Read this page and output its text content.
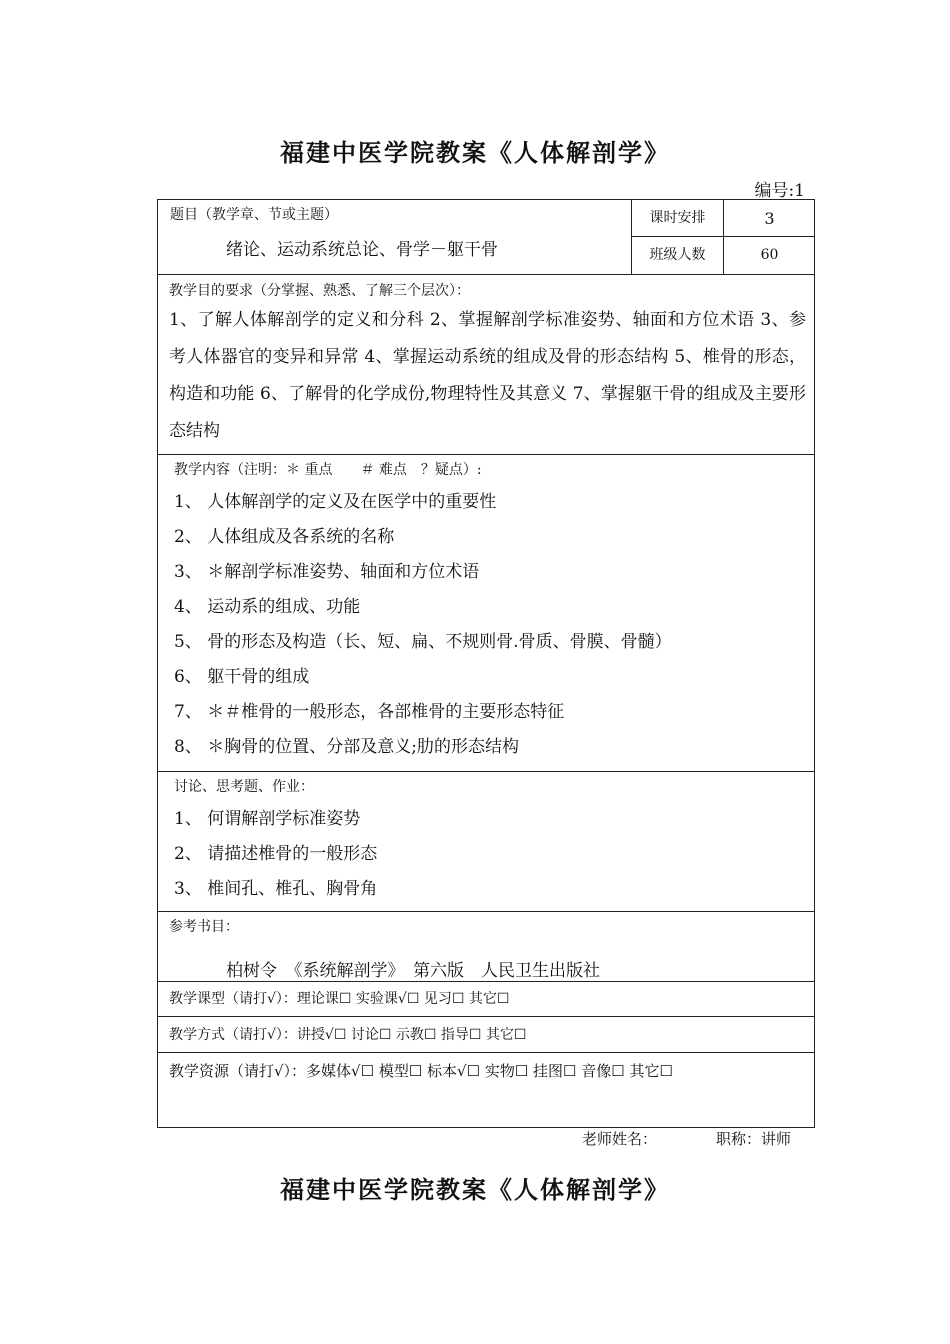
福建中医学院教案《人体解剖学》
编号:1
题目（教学章、节或主题）
绪论、运动系统总论、骨学－躯干骨
课时安排	3
班级人数	60
教学目的要求（分掌握、熟悉、了解三个层次）：
1、了解人体解剖学的定义和分科 2、掌握解剖学标准姿势、轴面和方位术语 3、参考人体器官的变异和异常 4、掌握运动系统的组成及骨的形态结构 5、椎骨的形态，构造和功能 6、了解骨的化学成份,物理特性及其意义 7、掌握躯干骨的组成及主要形态结构
教学内容（注明：＊ 重点　　＃ 难点　？疑点）:
1、 人体解剖学的定义及在医学中的重要性
2、 人体组成及各系统的名称
3、 ＊解剖学标准姿势、轴面和方位术语
4、 运动系的组成、功能
5、 骨的形态及构造（长、短、扁、不规则骨.骨质、骨膜、骨髓）
6、 躯干骨的组成
7、 ＊＃椎骨的一般形态，各部椎骨的主要形态特征
8、 ＊胸骨的位置、分部及意义;肋的形态结构
讨论、思考题、作业：
1、 何谓解剖学标准姿势
2、 请描述椎骨的一般形态
3、 椎间孔、椎孔、胸骨角
参考书目：
柏树令　《系统解剖学》　第六版　人民卫生出版社
教学课型（请打√）：理论课☐ 实验课√☐ 见习☐ 其它☐
教学方式（请打√）：讲授√☐ 讨论☐ 示教☐ 指导☐ 其它☐
教学资源（请打√）：多媒体√☐ 模型☐ 标本√☐ 实物☐ 挂图☐ 音像☐ 其它☐
老师姓名：	职称：讲师
福建中医学院教案《人体解剖学》
